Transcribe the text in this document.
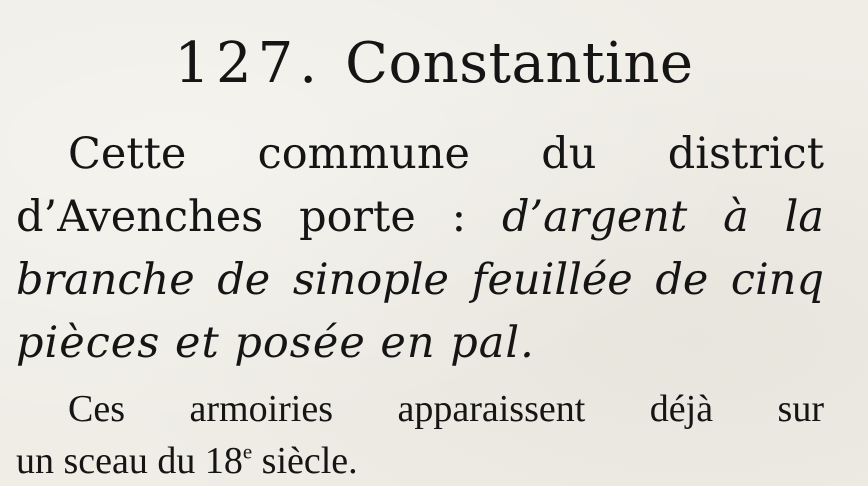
127. Constantine
Cette commune du district
d’Avenches porte : d’argent à la
branche de sinople feuillée de cinq
pièces et posée en pal.
Ces armoiries apparaissent déjà sur
un sceau du 18e siècle.
